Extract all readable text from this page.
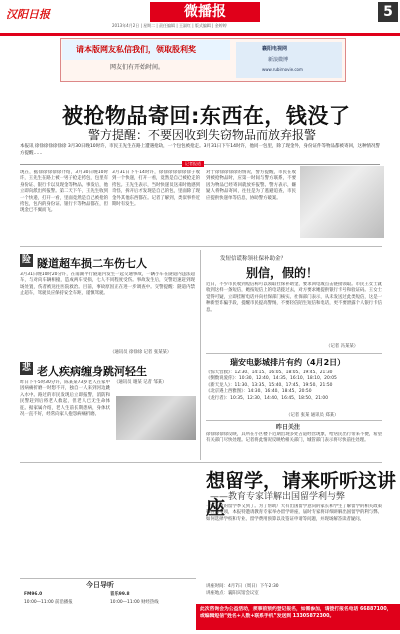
汉阳日报	微播报	5
2013年4月2日 | 星期二 | 责任编辑 | 王淑红 | 版式编辑 | 金婷婷
请本版网友私信我们，领取股利奖
网友们有开始时间。
襄阳电视网
新浪微博
www.rubirnovie.com
被抢物品寄回:东西在，钱没了
警方提醒：不要因收到失窃物品而放弃报警
本报讯 徐徐徐徐徐徐徐 3月30日晚10时许，市民王先生在路上遭遇抢劫，一个包包被抢走。3月31日下午14时许，他同一包里，除了现金外，身份证件等物品都被寄回，这种情况警方提醒……
记者报道
现在，据徐徐徐徐徐介绍，3月30日晚10时许，王先生在路上被一男子抢走挎包，包里有身份证、银行卡以及现金等物品。事发后，他立即向派出所报警。第二天下午，王先生收到一个快递，打开一看，里面竟然是自己被抢的挎包，包内的身份证、银行卡等物品都在，但现金已不翼而飞。
3月31日下午14时许，徐徐徐徐徐徐徐子收到一个快递，打开一看，竟然是自己被抢走的挎包。王先生表示，当时快递员送来时他感到奇怪，拆开后才发现是自己的包，里面除了现金外其他东西都在。记者了解到，类似事件近期时有发生。
对于徐徐徐徐徐的情况，警方提醒，市民在收到被抢物品时，应第一时间与警方联系，不要因为物品已经寄回就放弃报警。警方表示，嫌疑人将物品寄回，往往是为了逃避追查，市民应提供快递单等信息，协助警方破案。
险 隧道超车损二车伤七人
3月31日晚10时20分许，在南湖平行隧道内发生一起交通事故，一辆小车在隧道内违法超车，与对向车辆相撞，造成两车受损，七人不同程度受伤。事故发生后，交警迅速赶到现场处置，伤者被送往医院救治。目前，事故原因正在进一步调查中。交警提醒：隧道内禁止超车，驾驶员应保持安全车距，谨慎驾驶。
（通讯员 徐徐徐 记者 张某某）
悲 老人疾病缠身跳河轻生
昨日下午5时30分许，陈某某73岁老人在家中因病痛折磨一时想不开，独自一人来到河边跳入水中。路过的市民发现后立即报警，消防和民警赶到后将老人救起，但老人已无生命体征。据家属介绍，老人生前长期患病，身体状况一直不好，经常向家人抱怨病痛折磨。
（通讯员 谢某 记者 邹某）
发短信谎称领社保补助金？
别信，假的！
近日，不少市民收到短信称可以领取社保补助金，要求回电或点击链接领取。市民王女士就收到这样一条短信，她按短信上的电话拨过去，对方要求她提供银行卡号和验证码。王女士觉得可疑，立即挂断电话并向社保部门核实。社保部门表示，从未发送过此类短信，这是一种新型诈骗手段，提醒市民提高警惕，不要轻信陌生短信和电话，更不要泄露个人银行卡信息。
（记者 冯某某）
瑞安电影城排片有约（4月2日）
《惊天营救》：12:30、14:15、16:05、18:05、19:45、21:30
《倒数说爱你》：10:30、12:40、14:35、16:10、18:10、20:05
《新天龙人》：11:30、13:35、15:40、17:45、19:50、21:50
《北京遇上西雅图》：14:30、16:40、18:45、20:50
《龙行者》：10:35、12:30、14:40、16:45、18:50、21:00
（记者 张某 通讯员 郑某）
昨日关注
徐徐徐徐徐反映，其所在小区楼下近期出现多处占道经营现象，给居民出行带来不便，希望有关部门尽快处理。记者将此情况反映给相关部门，城管部门表示将尽快前往处理。
想留学，请来听听这讲座
——教育专家详解出国留学利与弊
一年一度的留学季又到了。为了帮助广大有出国留学意向的家长和学生了解留学的相关政策和注意事项，本报特邀请教育专家举办留学讲座，届时专家将详细讲解出国留学的利与弊、如何选择学校和专业、留学费用预算以及签证申请等问题，并现场解答读者疑问。
讲座时间：4月7日（周日）下午2:30
讲座地点：襄阳宾馆会议室
今日导听
FM96.0
10:00—11:00 前沿播报
音乐99.8
10:00—11:00 财经热线
此次咨询会为公益活动，须事前预约登记报名，如需参加，请拨打报名电话 66887100，或编辑短信“姓名+人数+联系手机”发送到 13305872300。
